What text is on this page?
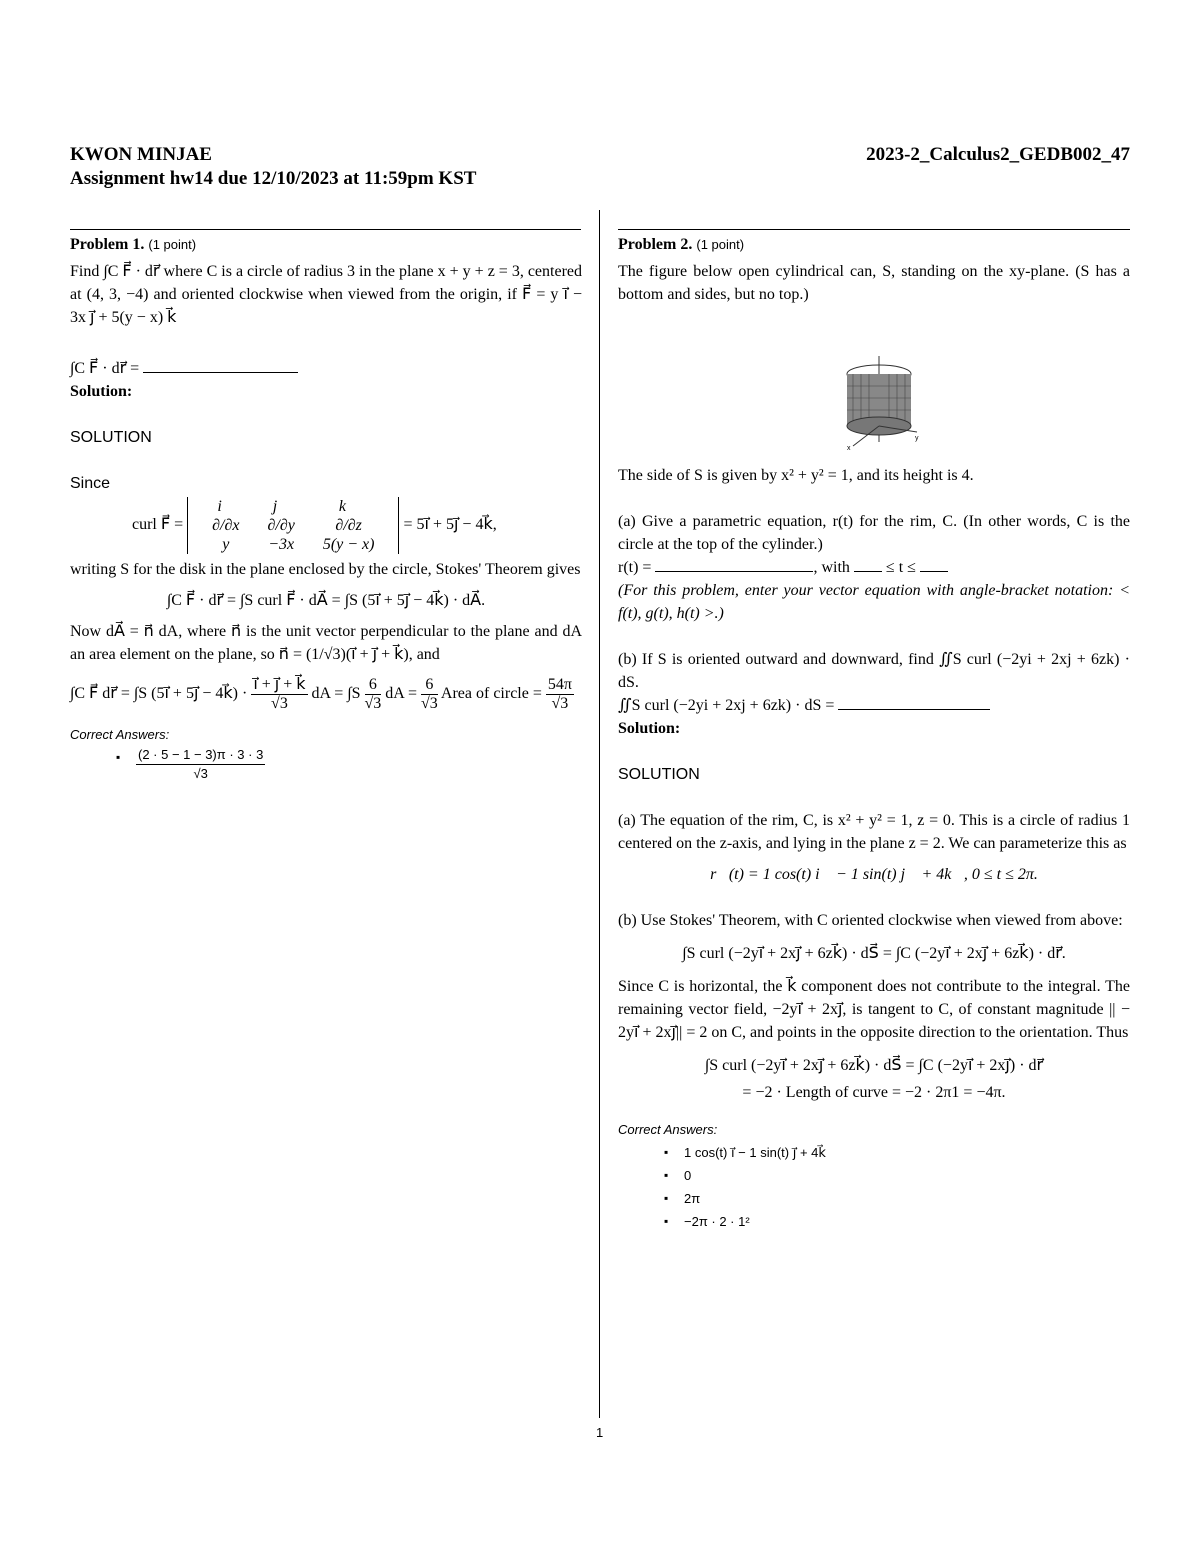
KWON MINJAE	2023-2_Calculus2_GEDB002_47
Assignment hw14 due 12/10/2023 at 11:59pm KST
Problem 1. (1 point)
Find ∫C F⃗ · dr⃗ where C is a circle of radius 3 in the plane x + y + z = 3, centered at (4, 3, −4) and oriented clockwise when viewed from the origin, if F⃗ = y i⃗ − 3x j⃗ + 5(y − x) k⃗
∫C F⃗ · dr⃗ =
Solution:
SOLUTION
Since
curl F⃗ =
i⃗	j⃗	k⃗
∂/∂x	∂/∂y	∂/∂z
y	−3x	5(y − x)
= 5i⃗ + 5j⃗ − 4k⃗,
writing S for the disk in the plane enclosed by the circle, Stokes' Theorem gives
∫C F⃗ · dr⃗ = ∫S curl F⃗ · dA⃗ = ∫S (5i⃗ + 5j⃗ − 4k⃗) · dA⃗.
Now dA⃗ = n⃗ dA, where n⃗ is the unit vector perpendicular to the plane and dA an area element on the plane, so n⃗ = (1/√3)(i⃗ + j⃗ + k⃗), and
∫C F⃗ dr⃗ = ∫S (5i⃗ + 5j⃗ − 4k⃗) · $\frac{i⃗ + j⃗ + k⃗}{√3}$ dA = $\int S \frac{6}{√3}$ dA = $\frac{6}{√3}$ Area of circle = $\frac{54\pi}{√3}$
Correct Answers:
▪ $\frac{(2 \cdot 5 - 1 - 3)\pi \cdot 3 \cdot 3}{√3}$
Problem 2. (1 point)
The figure below open cylindrical can, S, standing on the xy-plane. (S has a bottom and sides, but no top.)
x
y
The side of S is given by x² + y² = 1, and its height is 4.
(a) Give a parametric equation, r(t) for the rim, C. (In other words, C is the circle at the top of the cylinder.)
r(t) =	, with ≤ t ≤
(For this problem, enter your vector equation with angle-bracket notation: < f(t), g(t), h(t) >.)
(b) If S is oriented outward and downward, find ∬S curl (−2yi + 2xj + 6zk) · dS.
∬S curl (−2yi + 2xj + 6zk) · dS =
Solution:
SOLUTION
(a) The equation of the rim, C, is x² + y² = 1, z = 0. This is a circle of radius 1 centered on the z-axis, and lying in the plane z = 2. We can parameterize this as
r⃗(t) = 1 cos(t) i⃗ − 1 sin(t) j⃗ + 4k⃗, 0 ≤ t ≤ 2π.
(b) Use Stokes' Theorem, with C oriented clockwise when viewed from above:
∫S curl (−2yi⃗ + 2xj⃗ + 6zk⃗) · dS⃗ = ∫C (−2yi⃗ + 2xj⃗ + 6zk⃗) · dr⃗.
Since C is horizontal, the k⃗ component does not contribute to the integral. The remaining vector field, −2yi⃗ + 2xj⃗, is tangent to C, of constant magnitude || − 2yi⃗ + 2xj⃗|| = 2 on C, and points in the opposite direction to the orientation. Thus
∫S curl (−2yi⃗ + 2xj⃗ + 6zk⃗) · dS⃗ = ∫C (−2yi⃗ + 2xj⃗) · dr⃗
= −2 · Length of curve = −2 · 2π1 = −4π.
Correct Answers:
▪ 1 cos(t) i⃗ − 1 sin(t) j⃗ + 4k⃗
▪ 0
▪ 2π
▪ −2π · 2 · 1²
1
